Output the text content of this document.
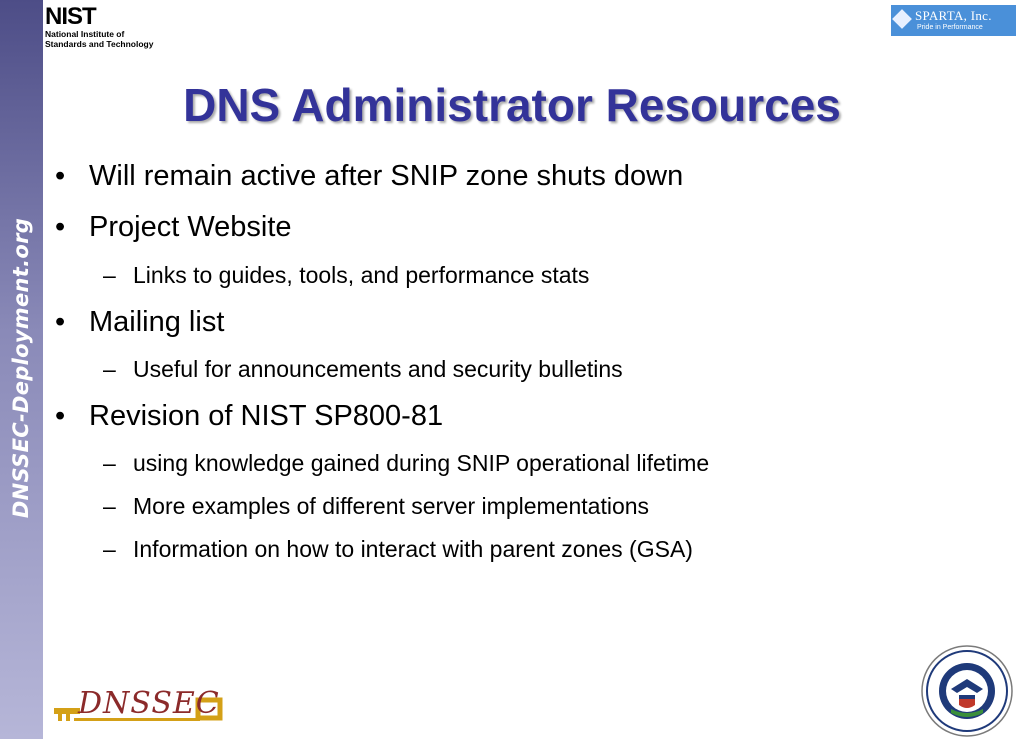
DNSSEC-Deployment.org
NIST
National Institute of
Standards and Technology
SPARTA, Inc.
Pride in Performance
DNS Administrator Resources
• Will remain active after SNIP zone shuts down
• Project Website
– Links to guides, tools, and performance stats
• Mailing list
– Useful for announcements and security bulletins
• Revision of NIST SP800-81
– using knowledge gained during SNIP operational lifetime
– More examples of different server implementations
– Information on how to interact with parent zones (GSA)
DNSSEC
